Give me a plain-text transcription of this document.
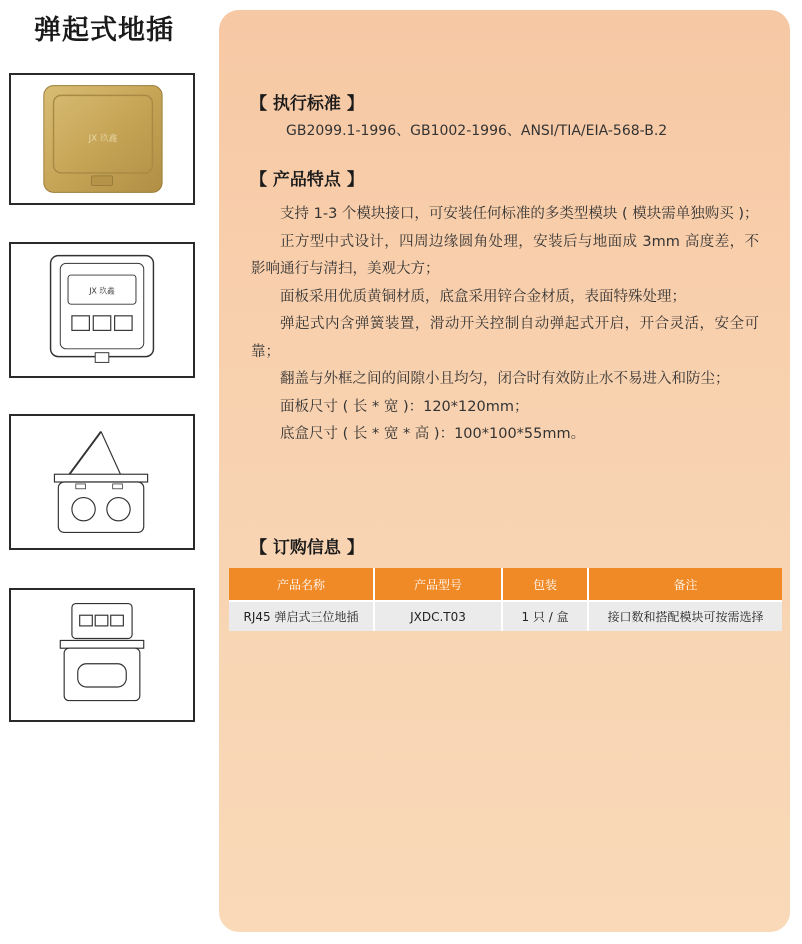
弹起式地插
JX 玖鑫
JX 玖鑫
【 执行标准 】
GB2099.1-1996、GB1002-1996、ANSI/TIA/EIA-568-B.2
【 产品特点 】

支持 1-3 个模块接口，可安装任何标准的多类型模块 ( 模块需单独购买 )；

正方型中式设计，四周边缘圆角处理，安装后与地面成 3mm 高度差，不影响通行与清扫，美观大方；

面板采用优质黄铜材质，底盒采用锌合金材质，表面特殊处理；

弹起式内含弹簧装置，滑动开关控制自动弹起式开启，开合灵活，安全可靠；

翻盖与外框之间的间隙小且均匀，闭合时有效防止水不易进入和防尘；

面板尺寸 ( 长 * 宽 )：120*120mm；

底盒尺寸 ( 长 * 宽 * 高 )：100*100*55mm。

【 订购信息 】
产品名称	产品型号	包装	备注
RJ45 弹启式三位地插	JXDC.T03	1 只 / 盒	接口数和搭配模块可按需选择
